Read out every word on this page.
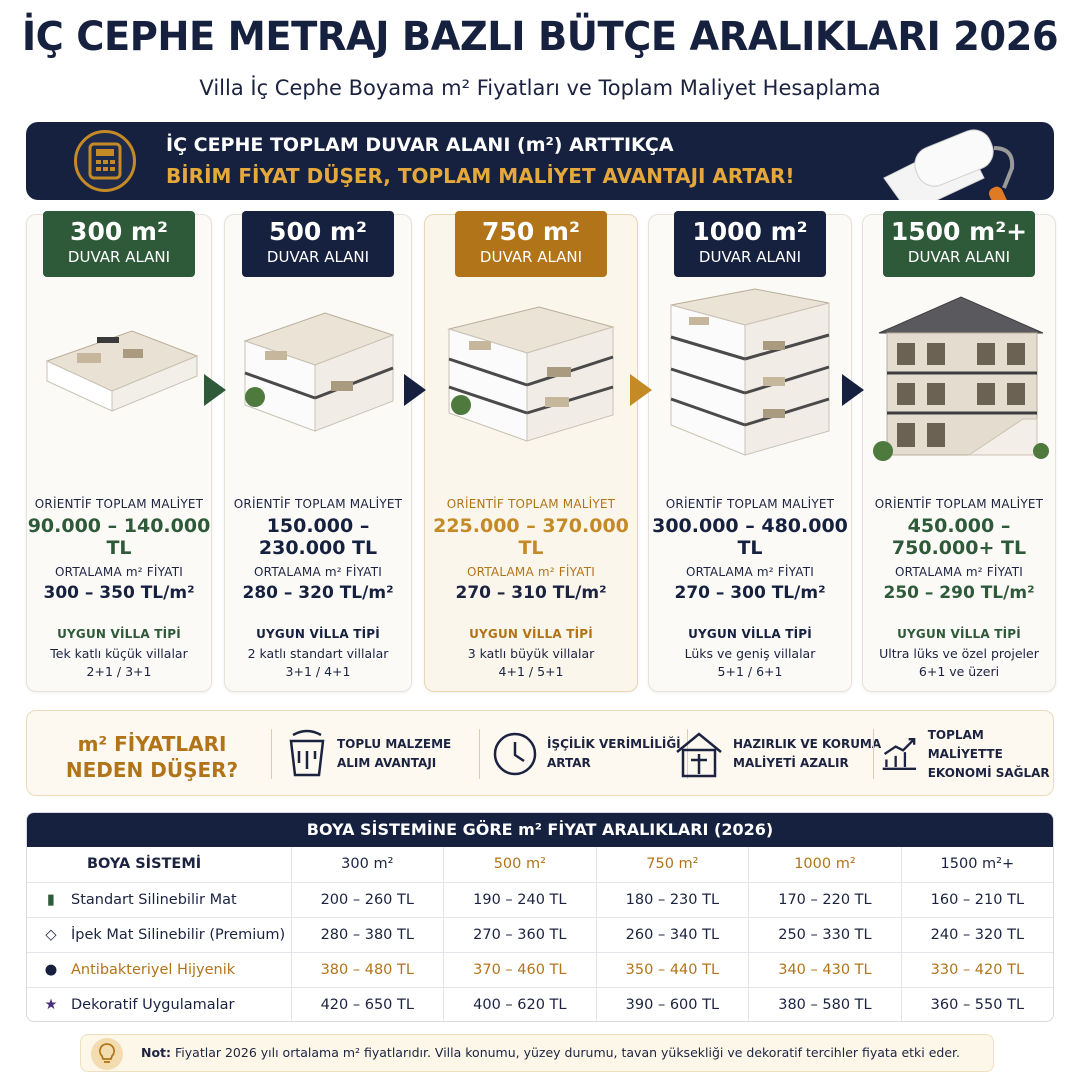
İÇ CEPHE METRAJ BAZLI BÜTÇE ARALIKLARI 2026
Villa İç Cephe Boyama m² Fiyatları ve Toplam Maliyet Hesaplama
İÇ CEPHE TOPLAM DUVAR ALANI (m²) ARTTIKÇA
BİRİM FİYAT DÜŞER, TOPLAM MALİYET AVANTAJI ARTAR!
300 m²
DUVAR ALANI
ORİENTİF TOPLAM MALİYET
90.000 – 140.000 TL
ORTALAMA m² FİYATI
300 – 350 TL/m²
UYGUN VİLLA TİPİ
Tek katlı küçük villalar
2+1 / 3+1
500 m²
DUVAR ALANI
ORİENTİF TOPLAM MALİYET
150.000 – 230.000 TL
ORTALAMA m² FİYATI
280 – 320 TL/m²
UYGUN VİLLA TİPİ
2 katlı standart villalar
3+1 / 4+1
750 m²
DUVAR ALANI
ORİENTİF TOPLAM MALİYET
225.000 – 370.000 TL
ORTALAMA m² FİYATI
270 – 310 TL/m²
UYGUN VİLLA TİPİ
3 katlı büyük villalar
4+1 / 5+1
1000 m²
DUVAR ALANI
ORİENTİF TOPLAM MALİYET
300.000 – 480.000 TL
ORTALAMA m² FİYATI
270 – 300 TL/m²
UYGUN VİLLA TİPİ
Lüks ve geniş villalar
5+1 / 6+1
1500 m²+
DUVAR ALANI
ORİENTİF TOPLAM MALİYET
450.000 – 750.000+ TL
ORTALAMA m² FİYATI
250 – 290 TL/m²
UYGUN VİLLA TİPİ
Ultra lüks ve özel projeler
6+1 ve üzeri
m² FİYATLARI NEDEN DÜŞER?
TOPLU MALZEME
ALIM AVANTAJI
İŞÇİLİK VERİMLİLİĞİ
ARTAR
HAZIRLIK VE KORUMA
MALİYETİ AZALIR
TOPLAM MALİYETTE
EKONOMİ SAĞLAR
BOYA SİSTEMİNE GÖRE m² FİYAT ARALIKLARI (2026)
BOYA SİSTEMİ	300 m²	500 m²	750 m²	1000 m²	1500 m²+
▮ Standart Silinebilir Mat	200 – 260 TL	190 – 240 TL	180 – 230 TL	170 – 220 TL	160 – 210 TL
◇ İpek Mat Silinebilir (Premium)	280 – 380 TL	270 – 360 TL	260 – 340 TL	250 – 330 TL	240 – 320 TL
● Antibakteriyel Hijyenik	380 – 480 TL	370 – 460 TL	350 – 440 TL	340 – 430 TL	330 – 420 TL
★ Dekoratif Uygulamalar	420 – 650 TL	400 – 620 TL	390 – 600 TL	380 – 580 TL	360 – 550 TL
Not: Fiyatlar 2026 yılı ortalama m² fiyatlarıdır. Villa konumu, yüzey durumu, tavan yüksekliği ve dekoratif tercihler fiyata etki eder.
